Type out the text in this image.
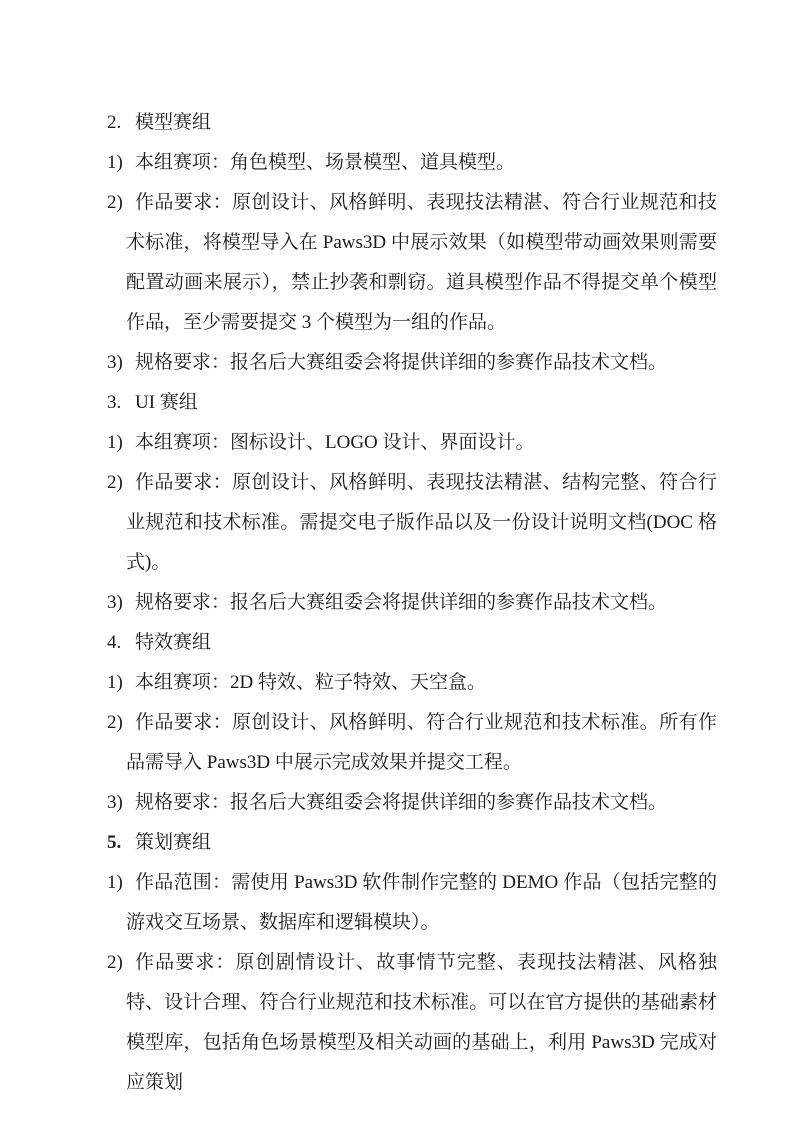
2. 模型赛组
1) 本组赛项：角色模型、场景模型、道具模型。
2) 作品要求：原创设计、风格鲜明、表现技法精湛、符合行业规范和技术标准，将模型导入在 Paws3D 中展示效果（如模型带动画效果则需要配置动画来展示），禁止抄袭和剽窃。道具模型作品不得提交单个模型作品，至少需要提交 3 个模型为一组的作品。
3) 规格要求：报名后大赛组委会将提供详细的参赛作品技术文档。
3. UI 赛组
1) 本组赛项：图标设计、LOGO 设计、界面设计。
2) 作品要求：原创设计、风格鲜明、表现技法精湛、结构完整、符合行业规范和技术标准。需提交电子版作品以及一份设计说明文档(DOC 格式)。
3) 规格要求：报名后大赛组委会将提供详细的参赛作品技术文档。
4. 特效赛组
1) 本组赛项：2D 特效、粒子特效、天空盒。
2) 作品要求：原创设计、风格鲜明、符合行业规范和技术标准。所有作品需导入 Paws3D 中展示完成效果并提交工程。
3) 规格要求：报名后大赛组委会将提供详细的参赛作品技术文档。
5. 策划赛组
1) 作品范围：需使用 Paws3D 软件制作完整的 DEMO 作品（包括完整的游戏交互场景、数据库和逻辑模块）。
2) 作品要求：原创剧情设计、故事情节完整、表现技法精湛、风格独特、设计合理、符合行业规范和技术标准。可以在官方提供的基础素材模型库，包括角色场景模型及相关动画的基础上，利用 Paws3D 完成对应策划
